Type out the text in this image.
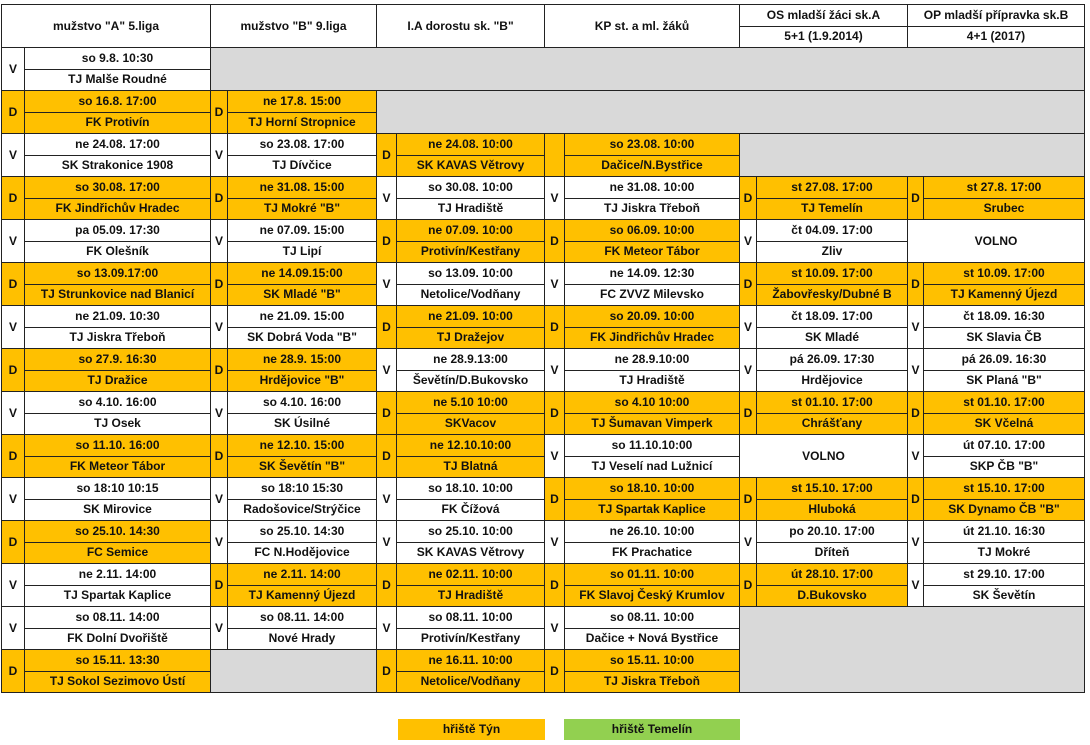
mužstvo "A" 5.liga		mužstvo "B" 9.liga		I.A dorostu sk. "B"		KP st. a ml. žáků		OS mladší žáci sk.A		OP mladší přípravka sk.B	
								5+1 (1.9.2014)		4+1 (2017)	
V	so 9.8. 10:30										
	TJ Malše Roudné										
D	so 16.8. 17:00	D	ne 17.8. 15:00								
	FK Protivín		TJ Horní Stropnice								
V	ne 24.08. 17:00	V	so 23.08. 17:00	D	ne 24.08. 10:00		so 23.08. 10:00				
	SK Strakonice 1908		TJ Dívčice		SK KAVAS Větrovy		Dačice/N.Bystřice				
D	so 30.08. 17:00	D	ne 31.08. 15:00	V	so 30.08. 10:00	V	ne 31.08. 10:00	D	st 27.08. 17:00	D	st 27.8. 17:00
	FK Jindřichův Hradec		TJ Mokré "B"		TJ Hradiště		TJ Jiskra Třeboň		TJ Temelín		Srubec
V	pa 05.09. 17:30	V	ne 07.09. 15:00	D	ne 07.09. 10:00	D	so 06.09. 10:00	V	čt 04.09. 17:00	VOLNO	
	FK Olešník		TJ Lipí		Protivín/Kestřany		FK Meteor Tábor		Zliv		
D	so 13.09.17:00	D	ne 14.09.15:00	V	so 13.09. 10:00	V	ne 14.09. 12:30	D	st 10.09. 17:00	D	st 10.09. 17:00
	TJ Strunkovice nad Blanicí		SK Mladé "B"		Netolice/Vodňany		FC ZVVZ Milevsko		Žabovřesky/Dubné B		TJ Kamenný Újezd
V	ne 21.09. 10:30	V	ne 21.09. 15:00	D	ne 21.09. 10:00	D	so 20.09. 10:00	V	čt 18.09. 17:00	V	čt 18.09. 16:30
	TJ Jiskra Třeboň		SK Dobrá Voda "B"		TJ Dražejov		FK Jindřichův Hradec		SK Mladé		SK Slavia ČB
D	so 27.9. 16:30	D	ne 28.9. 15:00	V	ne 28.9.13:00	V	ne 28.9.10:00	V	pá 26.09. 17:30	V	pá 26.09. 16:30
	TJ Dražice		Hrdějovice "B"		Ševětín/D.Bukovsko		TJ Hradiště		Hrdějovice		SK Planá "B"
V	so 4.10. 16:00	V	so 4.10. 16:00	D	ne 5.10 10:00	D	so 4.10 10:00	D	st 01.10. 17:00	D	st 01.10. 17:00
	TJ Osek		SK Úsilné		SKVacov		TJ Šumavan Vimperk		Chrášťany		SK Včelná
D	so 11.10. 16:00	D	ne 12.10. 15:00	D	ne 12.10.10:00	V	so 11.10.10:00	VOLNO		V	út 07.10. 17:00
	FK Meteor Tábor		SK Ševětín "B"		TJ Blatná		TJ Veselí nad Lužnicí				SKP ČB "B"
V	so 18:10 10:15	V	so 18:10 15:30	V	so 18.10. 10:00	D	so 18.10. 10:00	D	st 15.10. 17:00	D	st 15.10. 17:00
	SK Mirovice		Radošovice/Strýčice		FK Čížová		TJ Spartak Kaplice		Hluboká		SK Dynamo ČB "B"
D	so 25.10. 14:30	V	so 25.10. 14:30	V	so 25.10. 10:00	V	ne 26.10. 10:00	V	po 20.10. 17:00	V	út 21.10. 16:30
	FC Semice		FC N.Hodějovice		SK KAVAS Větrovy		FK Prachatice		Dříteň		TJ Mokré
V	ne 2.11. 14:00	D	ne 2.11. 14:00	D	ne 02.11. 10:00	D	so 01.11. 10:00	D	út 28.10. 17:00	V	st 29.10. 17:00
	TJ Spartak Kaplice		TJ Kamenný Újezd		TJ Hradiště		FK Slavoj Český Krumlov		D.Bukovsko		SK Ševětín
V	so 08.11. 14:00	V	so 08.11. 14:00	V	so 08.11. 10:00	V	so 08.11. 10:00				
	FK Dolní Dvořiště		Nové Hrady		Protivín/Kestřany		Dačice + Nová Bystřice				
D	so 15.11. 13:30			D	ne 16.11. 10:00	D	so 15.11. 10:00				
	TJ Sokol Sezimovo Ústí				Netolice/Vodňany		TJ Jiskra Třeboň				
hřiště Týn	hřiště Temelín
